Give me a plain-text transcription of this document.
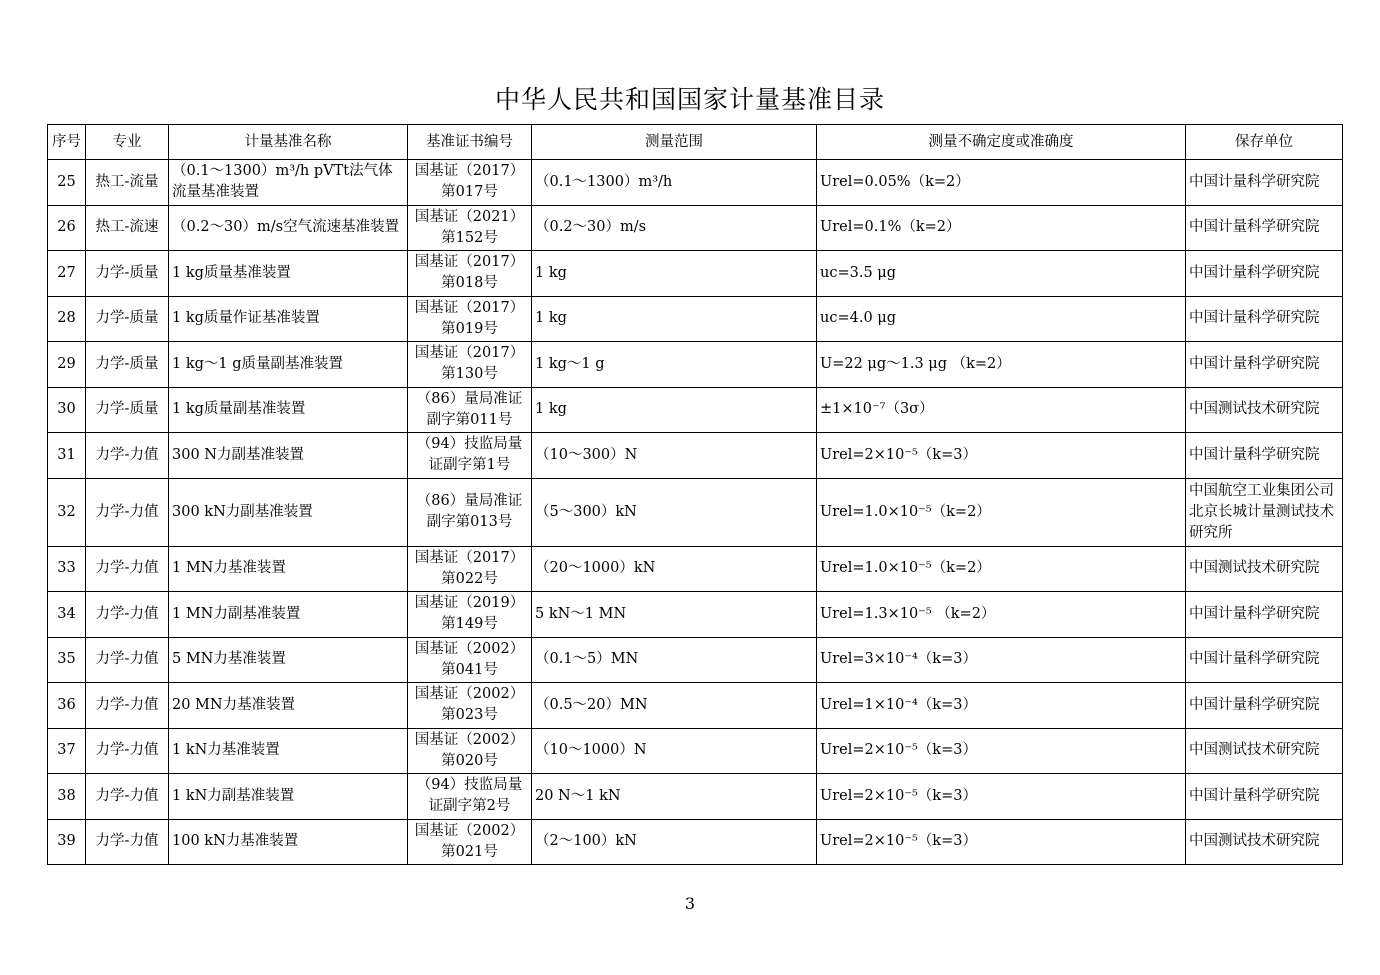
中华人民共和国国家计量基准目录
序号	专业	计量基准名称	基准证书编号	测量范围	测量不确定度或准确度	保存单位
25	热工-流量	（0.1～1300）m³/h pVTt法气体流量基准装置	国基证（2017）第017号	（0.1～1300）m³/h	Urel=0.05%（k=2）	中国计量科学研究院
26	热工-流速	（0.2～30）m/s空气流速基准装置	国基证（2021）第152号	（0.2～30）m/s	Urel=0.1%（k=2）	中国计量科学研究院
27	力学-质量	1 kg质量基准装置	国基证（2017）第018号	1 kg	uc=3.5 μg	中国计量科学研究院
28	力学-质量	1 kg质量作证基准装置	国基证（2017）第019号	1 kg	uc=4.0 μg	中国计量科学研究院
29	力学-质量	1 kg～1 g质量副基准装置	国基证（2017）第130号	1 kg～1 g	U=22 μg～1.3 μg （k=2）	中国计量科学研究院
30	力学-质量	1 kg质量副基准装置	（86）量局准证副字第011号	1 kg	±1×10⁻⁷（3σ）	中国测试技术研究院
31	力学-力值	300 N力副基准装置	（94）技监局量证副字第1号	（10～300）N	Urel=2×10⁻⁵（k=3）	中国计量科学研究院
32	力学-力值	300 kN力副基准装置	（86）量局准证副字第013号	（5～300）kN	Urel=1.0×10⁻⁵（k=2）	中国航空工业集团公司北京长城计量测试技术研究所
33	力学-力值	1 MN力基准装置	国基证（2017）第022号	（20～1000）kN	Urel=1.0×10⁻⁵（k=2）	中国测试技术研究院
34	力学-力值	1 MN力副基准装置	国基证（2019）第149号	5 kN～1 MN	Urel=1.3×10⁻⁵ （k=2）	中国计量科学研究院
35	力学-力值	5 MN力基准装置	国基证（2002）第041号	（0.1～5）MN	Urel=3×10⁻⁴（k=3）	中国计量科学研究院
36	力学-力值	20 MN力基准装置	国基证（2002）第023号	（0.5～20）MN	Urel=1×10⁻⁴（k=3）	中国计量科学研究院
37	力学-力值	1 kN力基准装置	国基证（2002）第020号	（10～1000）N	Urel=2×10⁻⁵（k=3）	中国测试技术研究院
38	力学-力值	1 kN力副基准装置	（94）技监局量证副字第2号	20 N～1 kN	Urel=2×10⁻⁵（k=3）	中国计量科学研究院
39	力学-力值	100 kN力基准装置	国基证（2002）第021号	（2～100）kN	Urel=2×10⁻⁵（k=3）	中国测试技术研究院
3
